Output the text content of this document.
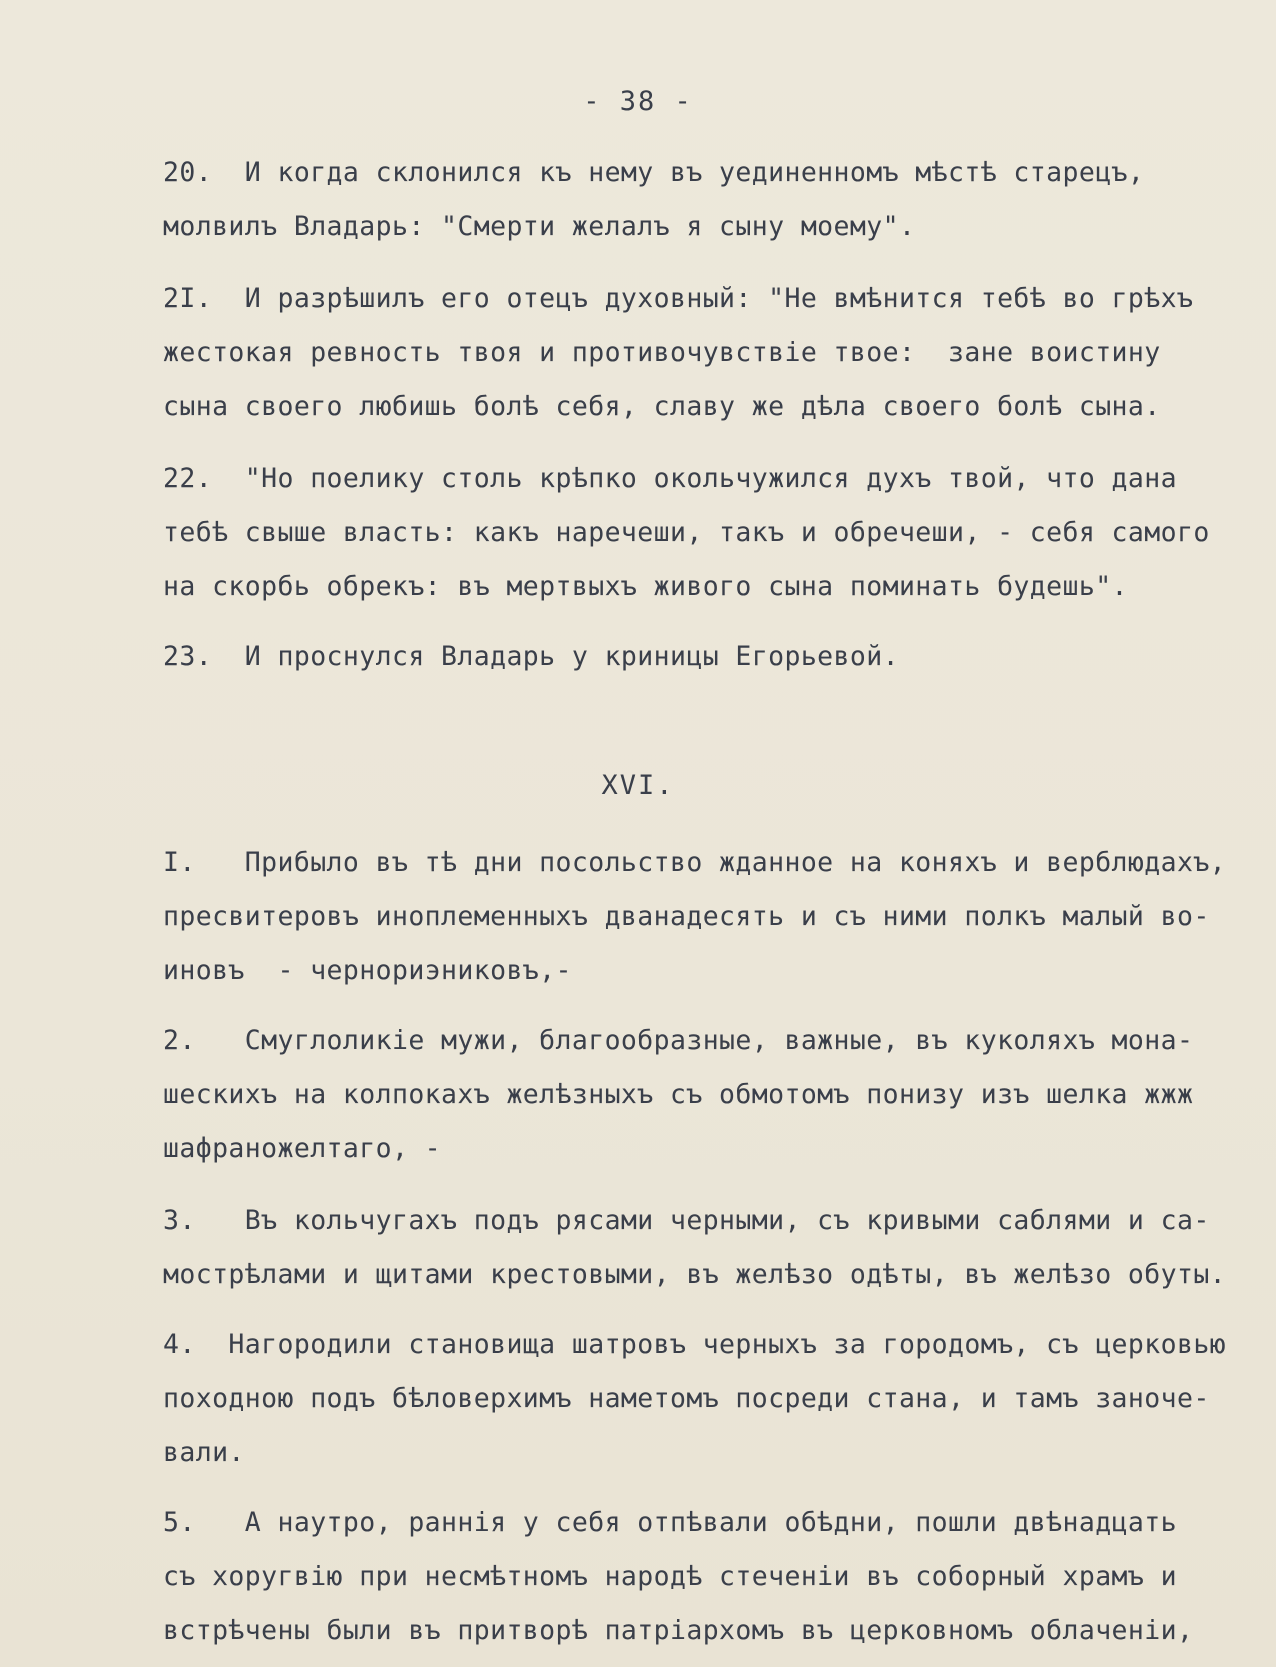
- 38 -
20.  И когда склонился къ нему въ уединенномъ мѣстѣ старецъ,
молвилъ Владарь: "Смерти желалъ я сыну моему".
2I.  И разрѣшилъ его отецъ духовный: "Не вмѣнится тебѣ во грѣхъ
жестокая ревность твоя и противочувствіе твое:  зане воистину
сына своего любишь болѣ себя, славу же дѣла своего болѣ сына.
22.  "Но поелику столь крѣпко окольчужился духъ твой, что дана
тебѣ свыше власть: какъ наречеши, такъ и обречеши, - себя самого
на скорбь обрекъ: въ мертвыхъ живого сына поминать будешь".
23.  И проснулся Владарь у криницы Егорьевой.
XVI.
I.   Прибыло въ тѣ дни посольство жданное на коняхъ и верблюдахъ,
пресвитеровъ иноплеменныхъ дванадесять и съ ними полкъ малый во-
иновъ  - чернориэниковъ,-
2.   Смуглоликіе мужи, благообразные, важные, въ куколяхъ мона-
шескихъ на колпокахъ желѣзныхъ съ обмотомъ понизу изъ шелка жжж
шафраножелтаго, -
3.   Въ кольчугахъ подъ рясами черными, съ кривыми саблями и са-
мострѣлами и щитами крестовыми, въ желѣзо одѣты, въ желѣзо обуты.
4.  Нагородили становища шатровъ черныхъ за городомъ, съ церковью
походною подъ бѣловерхимъ наметомъ посреди стана, и тамъ заноче-
вали.
5.   А наутро, раннія у себя отпѣвали обѣдни, пошли двѣнадцать
съ хоругвію при несмѣтномъ народѣ стеченіи въ соборный храмъ и
встрѣчены были въ притворѣ патріархомъ въ церковномъ облаченіи,
